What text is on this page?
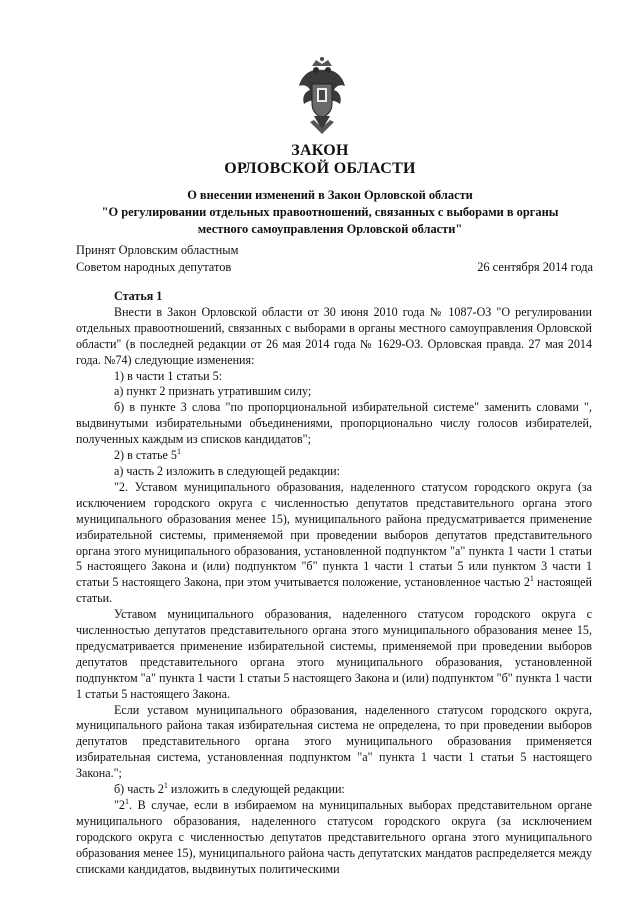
ЗАКОН
ОРЛОВСКОЙ ОБЛАСТИ
О внесении изменений в Закон Орловской области
"О регулировании отдельных правоотношений, связанных с выборами в органы
местного самоуправления Орловской области"
Принят Орловским областным
Советом народных депутатов	26 сентября 2014 года

Статья 1

Внести в Закон Орловской области от 30 июня 2010 года № 1087-ОЗ "О регулировании отдельных правоотношений, связанных с выборами в органы местного самоуправления Орловской области" (в последней редакции от 26 мая 2014 года № 1629-ОЗ. Орловская правда. 27 мая 2014 года. №74) следующие изменения:

1) в части 1 статьи 5:

а) пункт 2 признать утратившим силу;

б) в пункте 3 слова "по пропорциональной избирательной системе" заменить словами ", выдвинутыми избирательными объединениями, пропорционально числу голосов избирателей, полученных каждым из списков кандидатов";

2) в статье $5^1$

а) часть 2 изложить в следующей редакции:

"2. Уставом муниципального образования, наделенного статусом городского округа (за исключением городского округа с численностью депутатов представительного органа этого муниципального образования менее 15), муниципального района предусматривается применение избирательной системы, применяемой при проведении выборов депутатов представительного органа этого муниципального образования, установленной подпунктом "а" пункта 1 части 1 статьи 5 настоящего Закона и (или) подпунктом "б" пункта 1 части 1 статьи 5 или пунктом 3 части 1 статьи 5 настоящего Закона, при этом учитывается положение, установленное частью $2^1$ настоящей статьи.

Уставом муниципального образования, наделенного статусом городского округа с численностью депутатов представительного органа этого муниципального образования менее 15, предусматривается применение избирательной системы, применяемой при проведении выборов депутатов представительного органа этого муниципального образования, установленной подпунктом "а" пункта 1 части 1 статьи 5 настоящего Закона и (или) подпунктом "б" пункта 1 части 1 статьи 5 настоящего Закона.

Если уставом муниципального образования, наделенного статусом городского округа, муниципального района такая избирательная система не определена, то при проведении выборов депутатов представительного органа этого муниципального образования применяется избирательная система, установленная подпунктом "а" пункта 1 части 1 статьи 5 настоящего Закона.";

б) часть $2^1$ изложить в следующей редакции:

"$2^1$. В случае, если в избираемом на муниципальных выборах представительном органе муниципального образования, наделенного статусом городского округа (за исключением городского округа с численностью депутатов представительного органа этого муниципального образования менее 15), муниципального района часть депутатских мандатов распределяется между списками кандидатов, выдвинутых политическими
